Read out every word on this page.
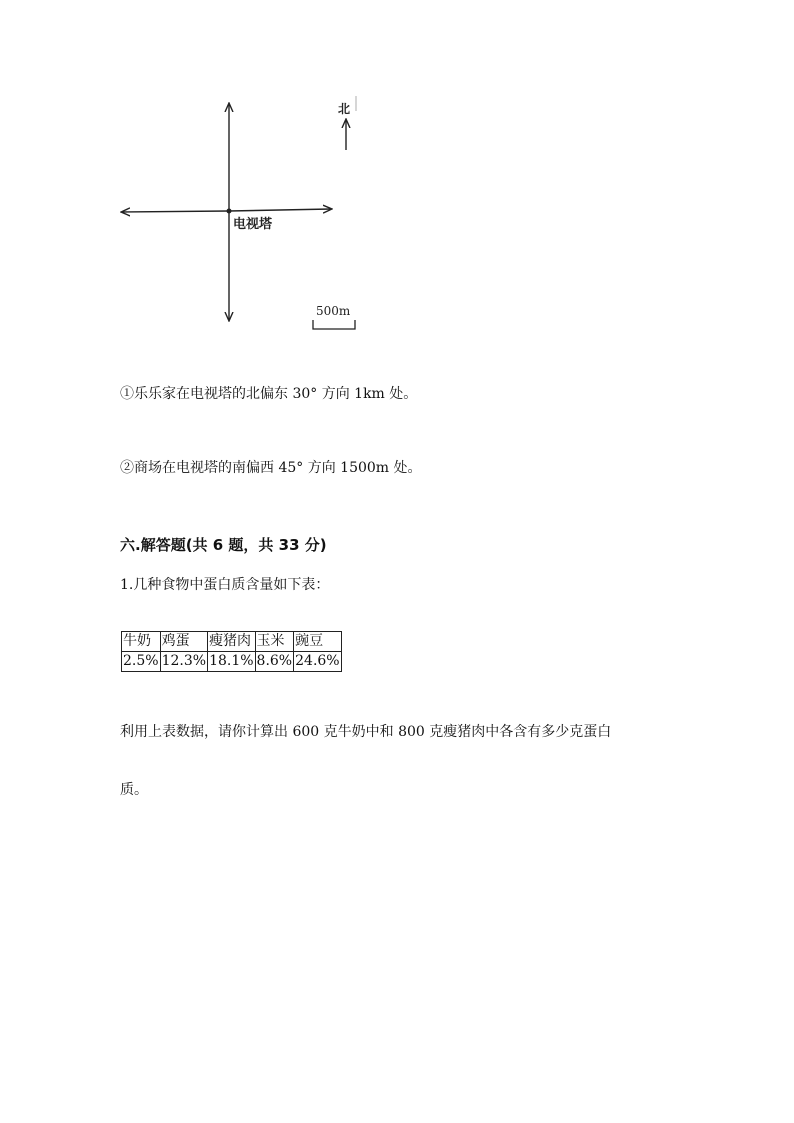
电视塔
北
500m
①乐乐家在电视塔的北偏东 30° 方向 1km 处。
②商场在电视塔的南偏西 45° 方向 1500m 处。
六.解答题(共 6 题，共 33 分)
1.几种食物中蛋白质含量如下表：
牛奶	鸡蛋	瘦猪肉	玉米	豌豆
2.5%	12.3%	18.1%	8.6%	24.6%
利用上表数据，请你计算出 600 克牛奶中和 800 克瘦猪肉中各含有多少克蛋白
质。
